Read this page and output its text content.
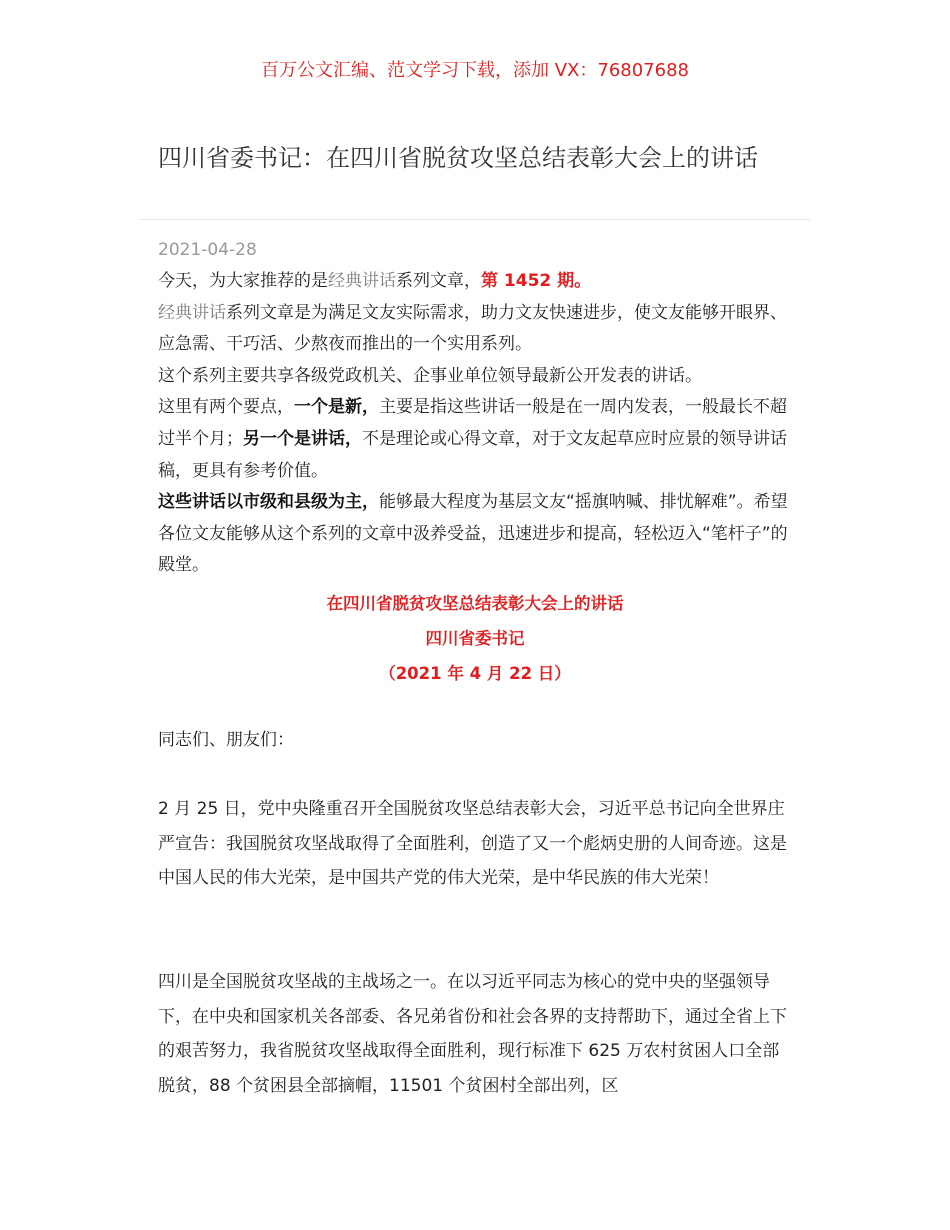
百万公文汇编、范文学习下载，添加 VX：76807688
四川省委书记：在四川省脱贫攻坚总结表彰大会上的讲话
2021-04-28

今天，为大家推荐的是经典讲话系列文章，第 1452 期。

经典讲话系列文章是为满足文友实际需求，助力文友快速进步，使文友能够开眼界、应急需、干巧活、少熬夜而推出的一个实用系列。

这个系列主要共享各级党政机关、企事业单位领导最新公开发表的讲话。

这里有两个要点，一个是新，主要是指这些讲话一般是在一周内发表，一般最长不超过半个月；另一个是讲话，不是理论或心得文章，对于文友起草应时应景的领导讲话稿，更具有参考价值。

这些讲话以市级和县级为主，能够最大程度为基层文友“摇旗呐喊、排忧解难”。希望各位文友能够从这个系列的文章中汲养受益，迅速进步和提高，轻松迈入“笔杆子”的殿堂。

在四川省脱贫攻坚总结表彰大会上的讲话
四川省委书记
（2021 年 4 月 22 日）

同志们、朋友们：

2 月 25 日，党中央隆重召开全国脱贫攻坚总结表彰大会，习近平总书记向全世界庄严宣告：我国脱贫攻坚战取得了全面胜利，创造了又一个彪炳史册的人间奇迹。这是中国人民的伟大光荣，是中国共产党的伟大光荣，是中华民族的伟大光荣！

四川是全国脱贫攻坚战的主战场之一。在以习近平同志为核心的党中央的坚强领导下，在中央和国家机关各部委、各兄弟省份和社会各界的支持帮助下，通过全省上下的艰苦努力，我省脱贫攻坚战取得全面胜利，现行标准下 625 万农村贫困人口全部脱贫，88 个贫困县全部摘帽，11501 个贫困村全部出列，区
